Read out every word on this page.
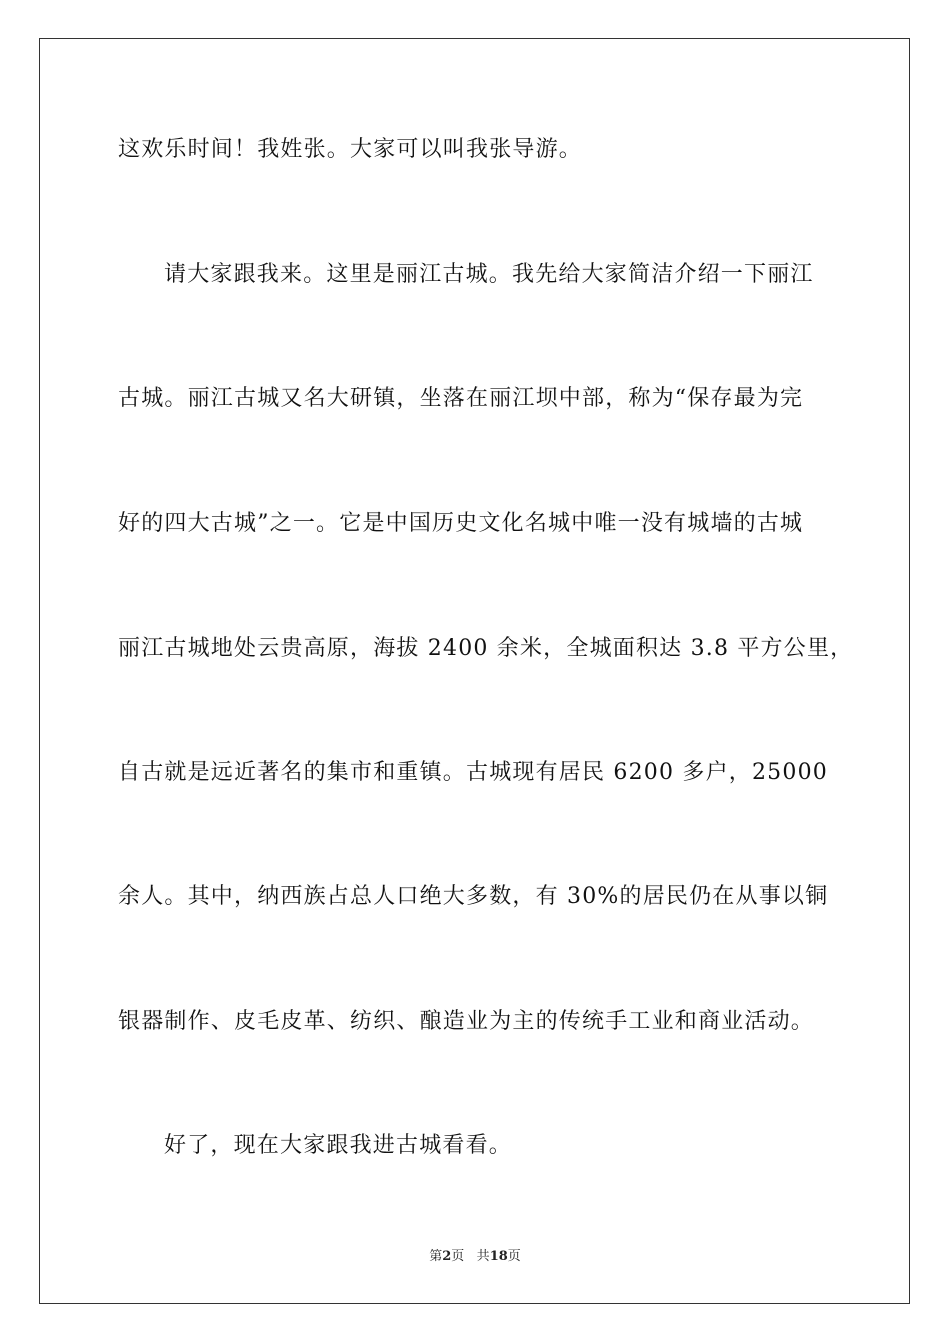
这欢乐时间！我姓张。大家可以叫我张导游。
请大家跟我来。这里是丽江古城。我先给大家简洁介绍一下丽江
古城。丽江古城又名大研镇，坐落在丽江坝中部，称为“保存最为完
好的四大古城”之一。它是中国历史文化名城中唯一没有城墙的古城
丽江古城地处云贵高原，海拔 2400 余米，全城面积达 3.8 平方公里，
自古就是远近著名的集市和重镇。古城现有居民 6200 多户，25000
余人。其中，纳西族占总人口绝大多数，有 30%的居民仍在从事以铜
银器制作、皮毛皮革、纺织、酿造业为主的传统手工业和商业活动。
好了，现在大家跟我进古城看看。
第2页 共18页
